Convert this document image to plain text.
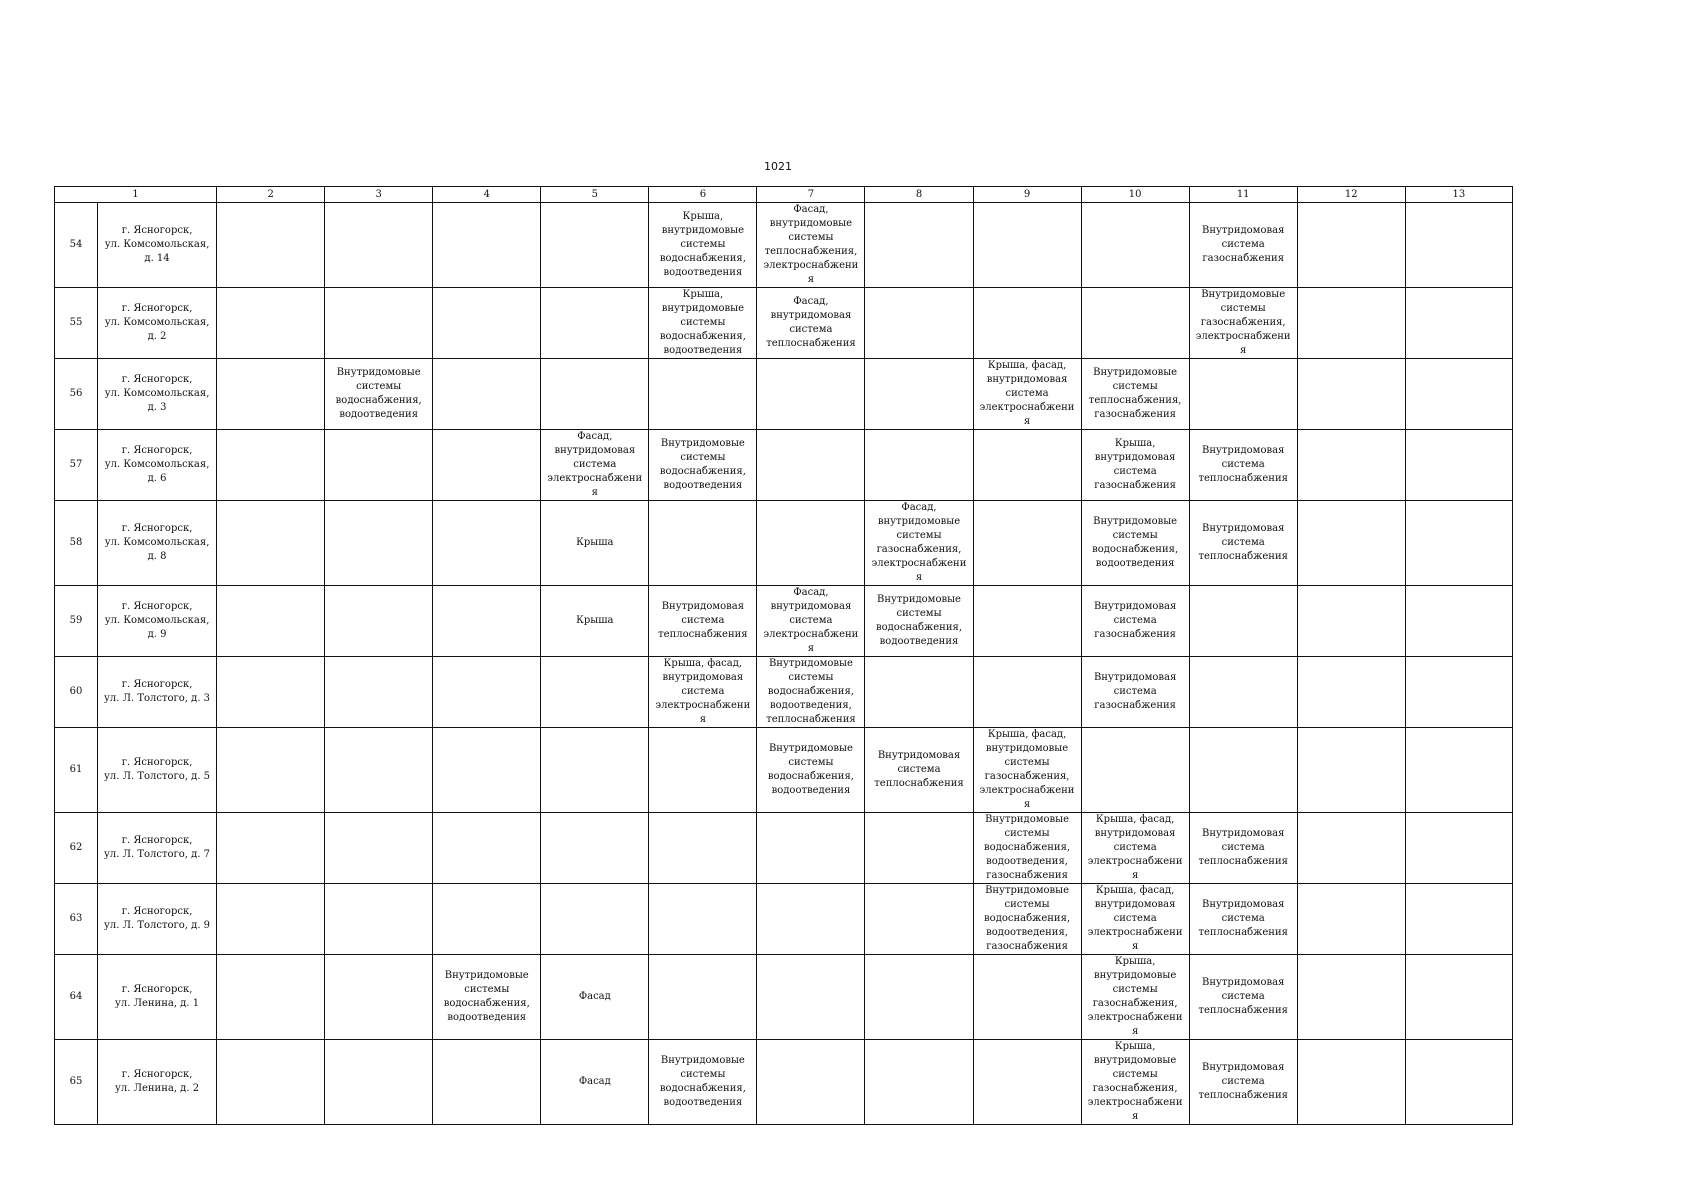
1021
1		2	3	4	5	6	7	8	9	10	11	12	13
54	г. Ясногорск,
ул. Комсомольская,
д. 14					Крыша,
внутридомовые
системы
водоснабжения,
водоотведения	Фасад,
внутридомовые
системы
теплоснабжения,
электроснабжения				Внутридомовая
система
газоснабжения		
55	г. Ясногорск,
ул. Комсомольская,
д. 2					Крыша,
внутридомовые
системы
водоснабжения,
водоотведения	Фасад,
внутридомовая
система
теплоснабжения				Внутридомовые
системы
газоснабжения,
электроснабжения		
56	г. Ясногорск,
ул. Комсомольская,
д. 3		Внутридомовые
системы
водоснабжения,
водоотведения						Крыша, фасад,
внутридомовая
система
электроснабжения	Внутридомовые
системы
теплоснабжения,
газоснабжения			
57	г. Ясногорск,
ул. Комсомольская,
д. 6				Фасад,
внутридомовая
система
электроснабжения	Внутридомовые
системы
водоснабжения,
водоотведения				Крыша,
внутридомовая
система
газоснабжения	Внутридомовая
система
теплоснабжения		
58	г. Ясногорск,
ул. Комсомольская,
д. 8				Крыша			Фасад,
внутридомовые
системы
газоснабжения,
электроснабжения		Внутридомовые
системы
водоснабжения,
водоотведения	Внутридомовая
система
теплоснабжения		
59	г. Ясногорск,
ул. Комсомольская,
д. 9				Крыша	Внутридомовая
система
теплоснабжения	Фасад,
внутридомовая
система
электроснабжения	Внутридомовые
системы
водоснабжения,
водоотведения		Внутридомовая
система
газоснабжения			
60	г. Ясногорск,
ул. Л. Толстого, д. 3					Крыша, фасад,
внутридомовая
система
электроснабжения	Внутридомовые
системы
водоснабжения,
водоотведения,
теплоснабжения			Внутридомовая
система
газоснабжения			
61	г. Ясногорск,
ул. Л. Толстого, д. 5						Внутридомовые
системы
водоснабжения,
водоотведения	Внутридомовая
система
теплоснабжения	Крыша, фасад,
внутридомовые
системы
газоснабжения,
электроснабжения				
62	г. Ясногорск,
ул. Л. Толстого, д. 7								Внутридомовые
системы
водоснабжения,
водоотведения,
газоснабжения	Крыша, фасад,
внутридомовая
система
электроснабжения	Внутридомовая
система
теплоснабжения		
63	г. Ясногорск,
ул. Л. Толстого, д. 9								Внутридомовые
системы
водоснабжения,
водоотведения,
газоснабжения	Крыша, фасад,
внутридомовая
система
электроснабжения	Внутридомовая
система
теплоснабжения		
64	г. Ясногорск,
ул. Ленина, д. 1			Внутридомовые
системы
водоснабжения,
водоотведения	Фасад					Крыша,
внутридомовые
системы
газоснабжения,
электроснабжения	Внутридомовая
система
теплоснабжения		
65	г. Ясногорск,
ул. Ленина, д. 2				Фасад	Внутридомовые
системы
водоснабжения,
водоотведения				Крыша,
внутридомовые
системы
газоснабжения,
электроснабжения	Внутридомовая
система
теплоснабжения		
